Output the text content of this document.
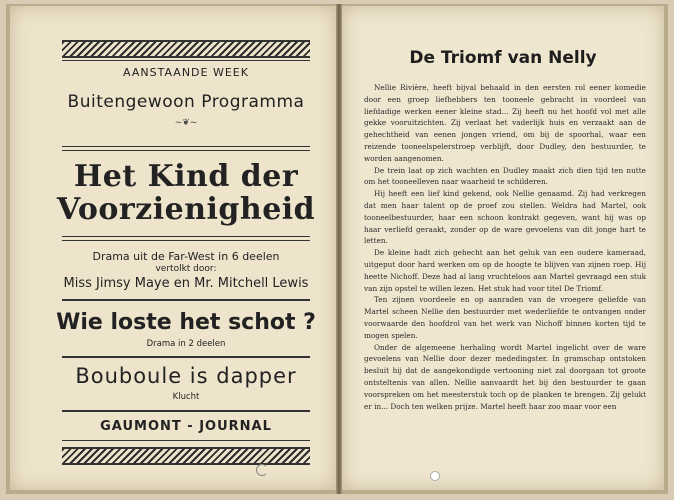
AANSTAANDE WEEK
Buitengewoon Programma
~❦~
Het Kind der
Voorzienigheid
Drama uit de Far-West in 6 deelen
vertolkt door:
Miss Jimsy Maye en Mr. Mitchell Lewis
Wie loste het schot ?
Drama in 2 deelen
Bouboule is dapper
Klucht
GAUMONT - JOURNAL
De Triomf van Nelly

Nellie Rivière, heeft bijval behaald in den eersten rol eener komedie door een groep liefhebbers ten tooneele gebracht in voordeel van liefdadige werken eener kleine stad... Zij heeft nu het hoofd vol met alle gekke vooruitzichten. Zij verlaat het vaderlijk huis en verzaakt aan de gehechtheid van eenen jongen vriend, om bij de spoorhal, waar een reizende tooneelspelerstroep verblijft, door Dudley, den bestuurder, te worden aangenomen.

De trein laat op zich wachten en Dudley maakt zich dien tijd ten nutte om het tooneelleven naar waarheid te schilderen.

Hij heeft een lief kind gekend, ook Nellie genaamd. Zij had verkregen dat men haar talent op de proef zou stellen. Weldra had Martel, ook tooneelbestuurder, haar een schoon kontrakt gegeven, want hij was op haar verliefd geraakt, zonder op de ware gevoelens van dit jonge hart te letten.

De kleine hadt zich gehecht aan het geluk van een oudere kameraad, uitgeput door hard werken om op de hoogte te blijven van zijnen roep. Hij heette Nichoff. Deze had al lang vruchteloos aan Martel gevraagd een stuk van zijn opstel te willen lezen. Het stuk had voor titel De Triomf.

Ten zijnen voordeele en op aanraden van de vroegere geliefde van Martel scheen Nellie den bestuurder met wederliefde te ontvangen onder voorwaarde den hoofdrol van het werk van Nichoff binnen korten tijd te mogen spelen.

Onder de algemeene herhaling wordt Martel ingelicht over de ware gevoelens van Nellie door dezer mededingster. In gramschap ontstoken besluit hij dat de aangekondigde vertooning niet zal doorgaan tot groote ontsteltenis van allen. Nellie aanvaardt het bij den bestuurder te gaan voorspreken om het meesterstuk toch op de planken te brengen. Zij gelukt er in... Doch ten welken prijze. Martel heeft haar zoo maar voor een
